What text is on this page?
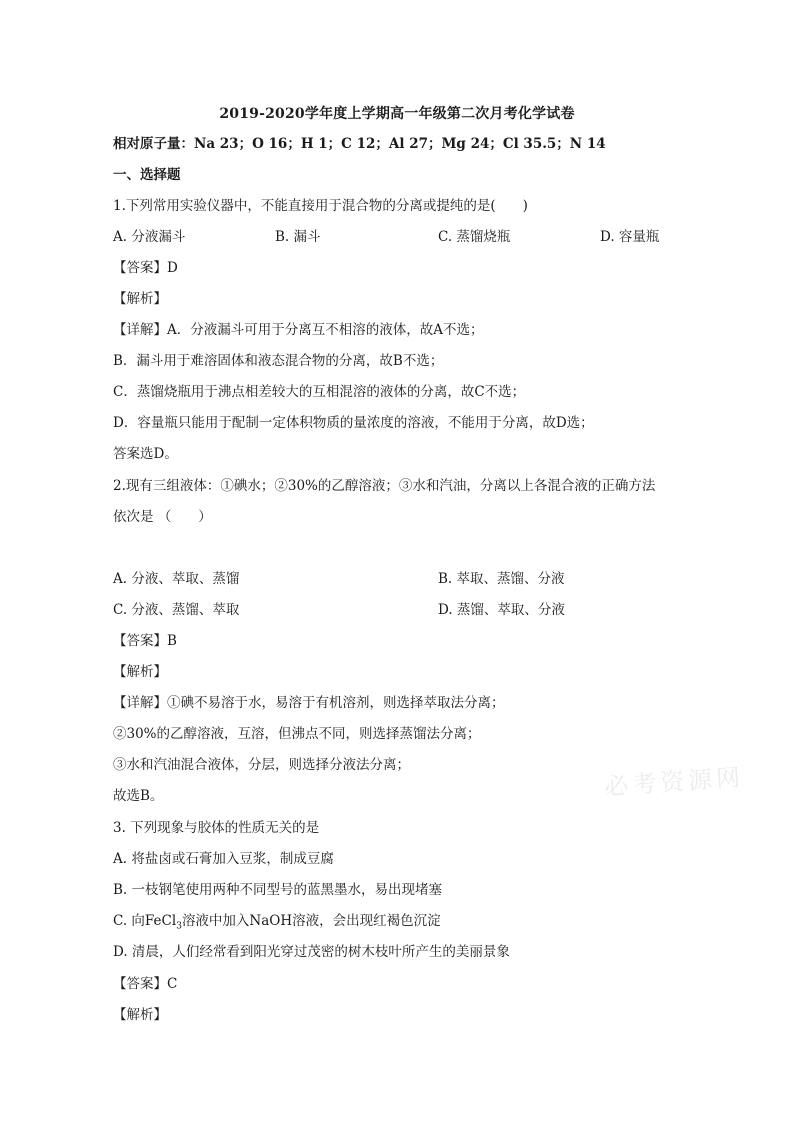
2019-2020学年度上学期高一年级第二次月考化学试卷
相对原子量：Na 23；O 16；H 1；C 12；Al 27；Mg 24；Cl 35.5；N 14
一、选择题
1.下列常用实验仪器中，不能直接用于混合物的分离或提纯的是(　　)
A. 分液漏斗	B. 漏斗	C. 蒸馏烧瓶	D. 容量瓶
【答案】D
【解析】
【详解】A．分液漏斗可用于分离互不相溶的液体，故A不选；
B．漏斗用于难溶固体和液态混合物的分离，故B不选；
C．蒸馏烧瓶用于沸点相差较大的互相混溶的液体的分离，故C不选；
D．容量瓶只能用于配制一定体积物质的量浓度的溶液，不能用于分离，故D选；
答案选D。
2.现有三组液体：①碘水；②30%的乙醇溶液；③水和汽油，分离以上各混合液的正确方法
依次是 （　　）
A. 分液、萃取、蒸馏	B. 萃取、蒸馏、分液
C. 分液、蒸馏、萃取	D. 蒸馏、萃取、分液
【答案】B
【解析】
【详解】①碘不易溶于水，易溶于有机溶剂，则选择萃取法分离；
②30%的乙醇溶液，互溶，但沸点不同，则选择蒸馏法分离；
③水和汽油混合液体，分层，则选择分液法分离；
故选B。
3. 下列现象与胶体的性质无关的是
A. 将盐卤或石膏加入豆浆，制成豆腐
B. 一枝钢笔使用两种不同型号的蓝黑墨水，易出现堵塞
C. 向FeCl$_3$溶液中加入NaOH溶液，会出现红褐色沉淀
D. 清晨，人们经常看到阳光穿过茂密的树木枝叶所产生的美丽景象
【答案】C
【解析】
必考资源网
